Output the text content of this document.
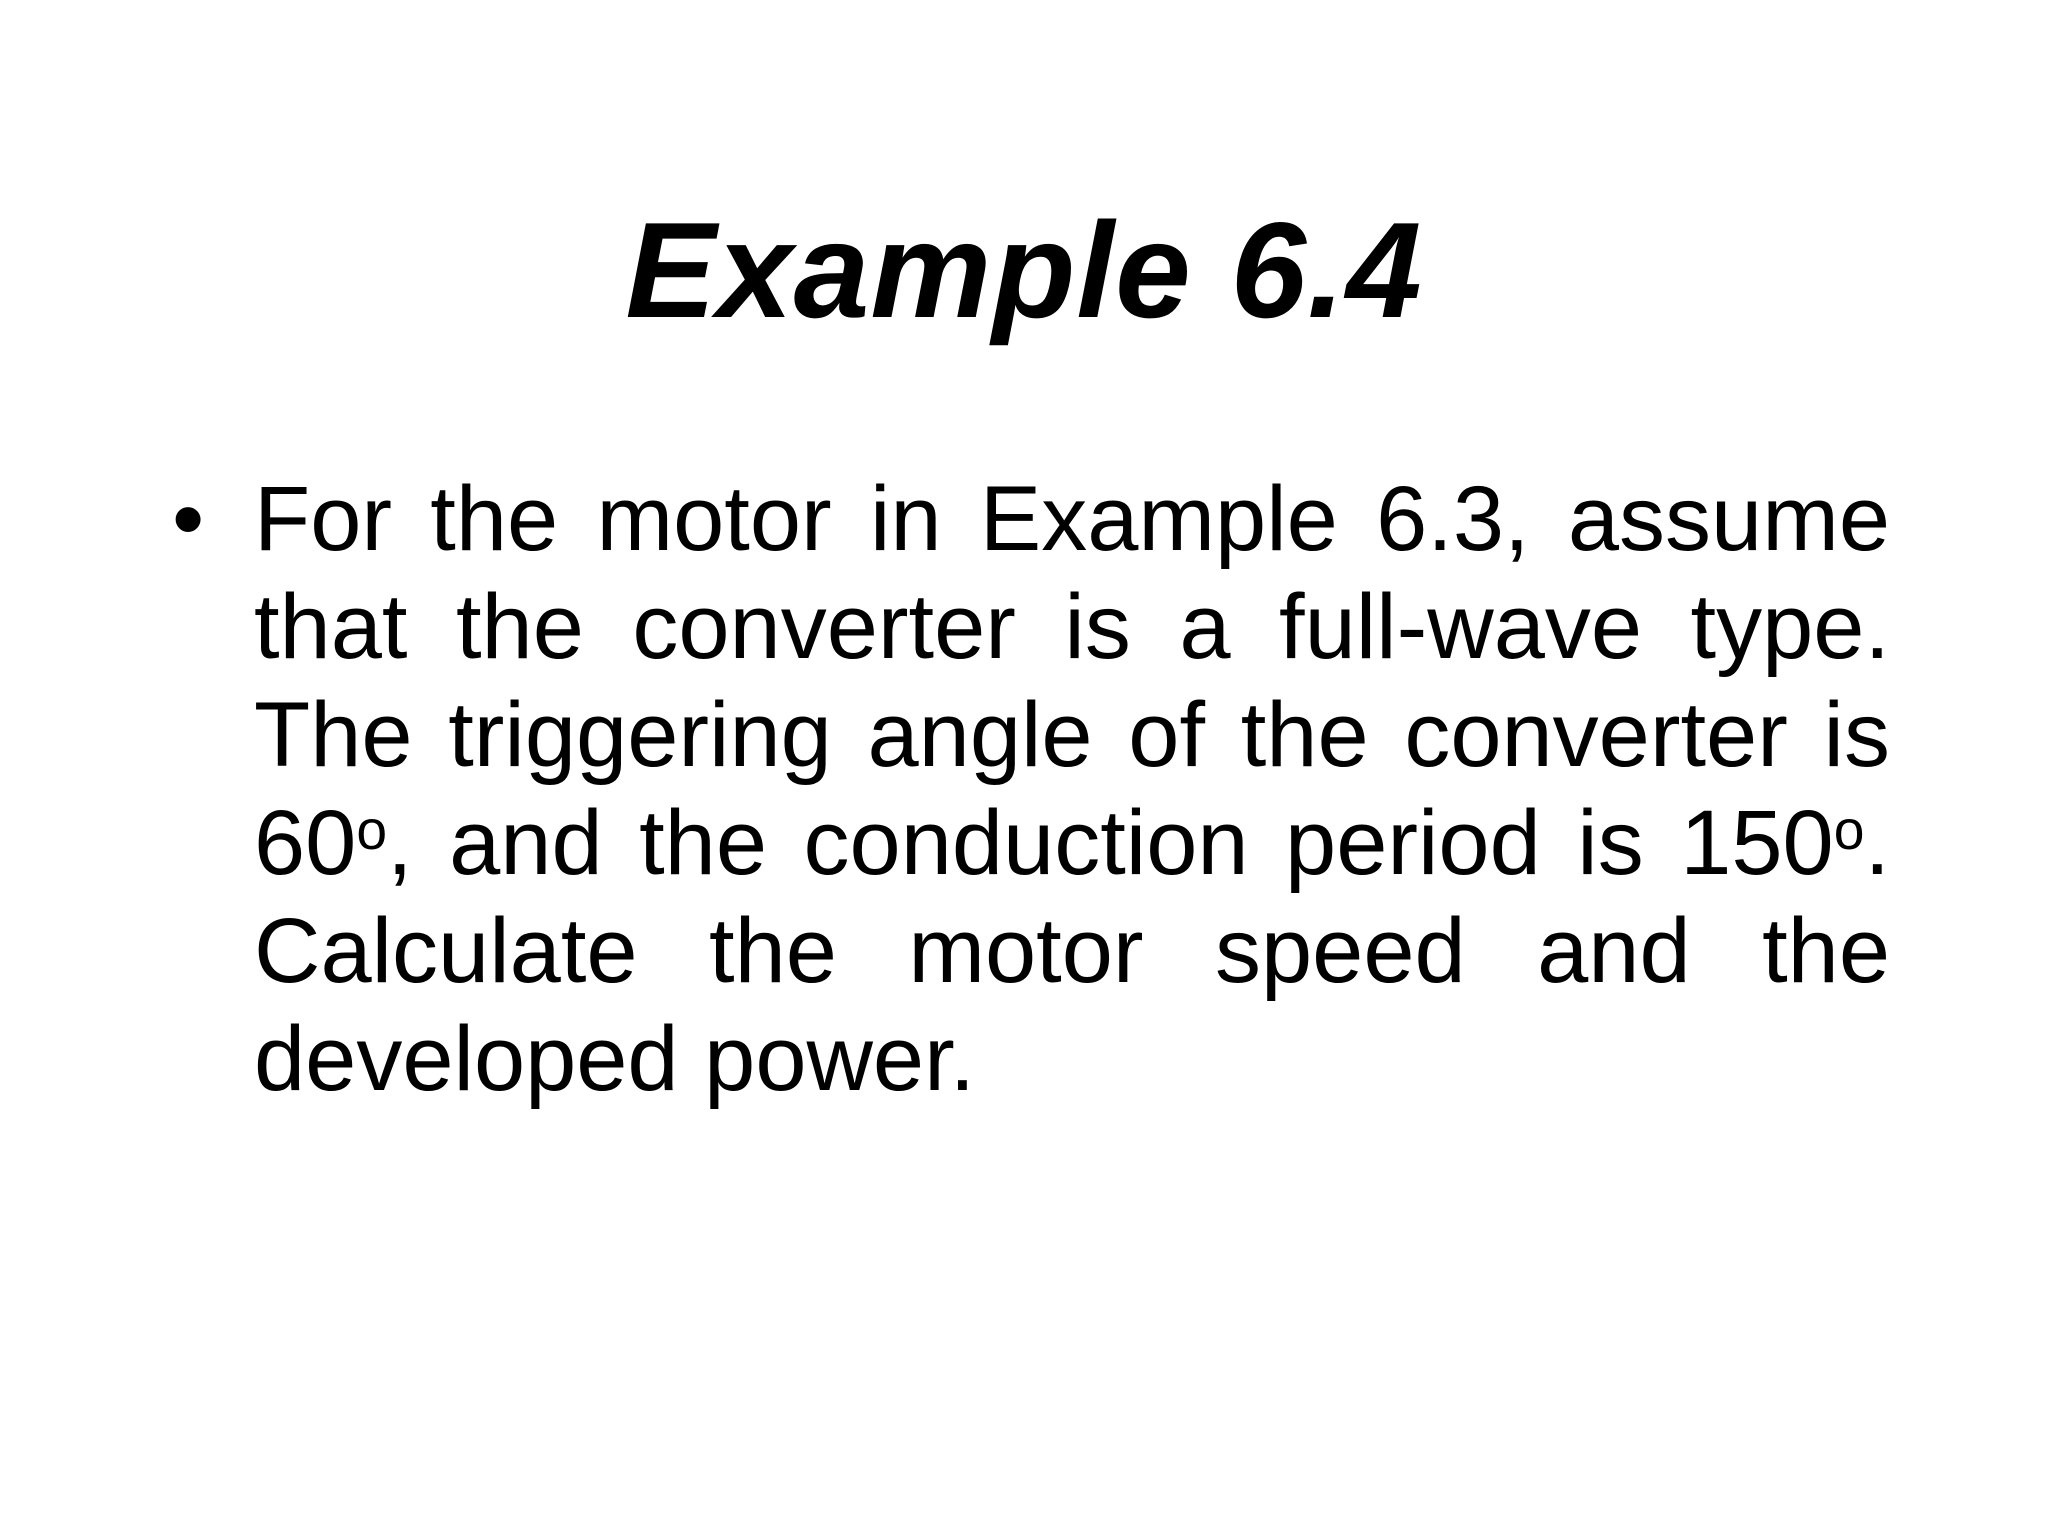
Example 6.4
• For the motor in Example 6.3, assume that the converter is a full-wave type. The triggering angle of the converter is 60$^o$, and the conduction period is 150$^o$. Calculate the motor speed and the developed power.
